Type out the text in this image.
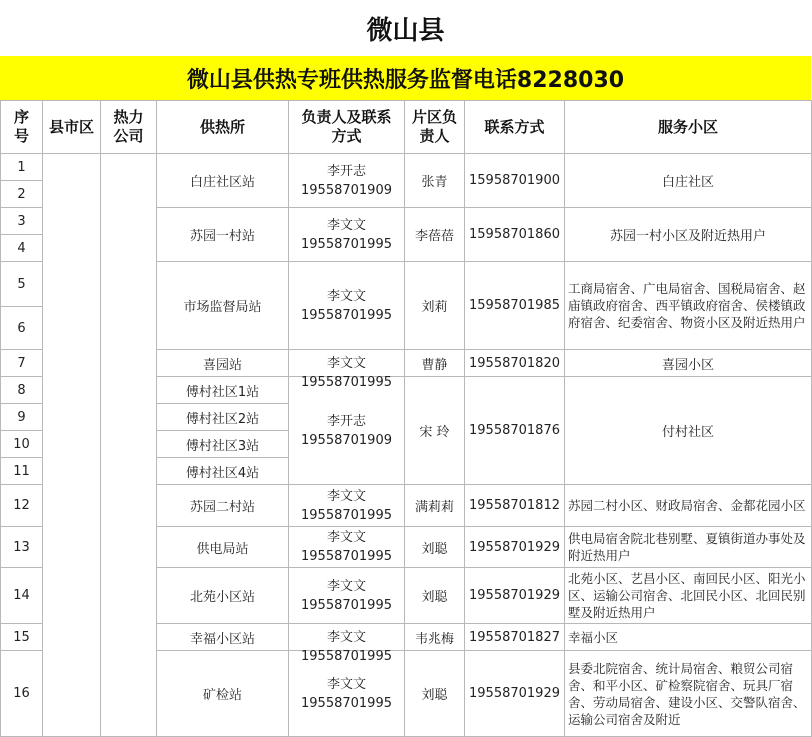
微山县
微山县供热专班供热服务监督电话8228030
序号	县市区	热力公司	供热所	负责人及联系方式	片区负责人	联系方式	服务小区
1			白庄社区站	李开志
19558701909	张青	15958701900	白庄社区
2							
3			苏园一村站	李文文
19558701995	李蓓蓓	15958701860	苏园一村小区及附近热用户
4							
5			市场监督局站	李文文
19558701995	刘莉	15958701985	工商局宿舍、广电局宿舍、国税局宿舍、赵庙镇政府宿舍、西平镇政府宿舍、侯楼镇政府宿舍、纪委宿舍、物资小区及附近热用户
6							
7			喜园站	李文文
19558701995	曹静	19558701820	喜园小区
8			傅村社区1站	李开志
19558701909	宋 玲	19558701876	付村社区
9			傅村社区2站				
10			傅村社区3站				
11			傅村社区4站				
12			苏园二村站	李文文
19558701995	满莉莉	19558701812	苏园二村小区、财政局宿舍、金都花园小区
13			供电局站	李文文
19558701995	刘聪	19558701929	供电局宿舍院北巷别墅、夏镇街道办事处及附近热用户
14			北苑小区站	李文文
19558701995	刘聪	19558701929	北苑小区、艺昌小区、南回民小区、阳光小区、运输公司宿舍、北回民小区、北回民别墅及附近热用户
15			幸福小区站	李文文
19558701995	韦兆梅	19558701827	幸福小区
16			矿检站	李文文
19558701995	刘聪	19558701929	县委北院宿舍、统计局宿舍、粮贸公司宿舍、和平小区、矿检察院宿舍、玩具厂宿舍、劳动局宿舍、建设小区、交警队宿舍、运输公司宿舍及附近
